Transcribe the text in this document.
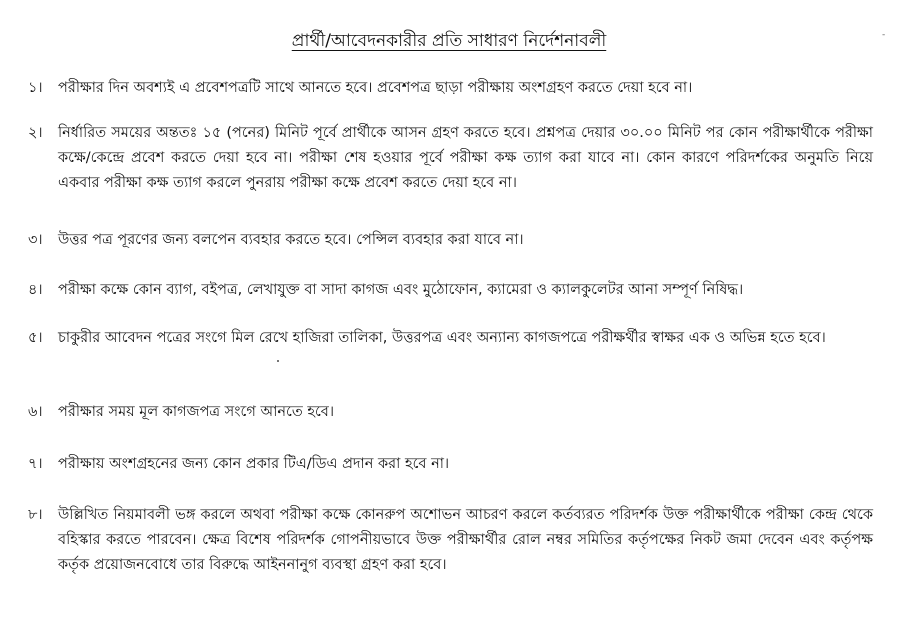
প্রার্থী/আবেদনকারীর প্রতি সাধারণ নির্দেশনাবলী	-
১।	পরীক্ষার দিন অবশ্যই এ প্রবেশপত্রটি সাথে আনতে হবে। প্রবেশপত্র ছাড়া পরীক্ষায় অংশগ্রহণ করতে দেয়া হবে না।
২।	নির্ধারিত সময়ের অন্ততঃ ১৫ (পনের) মিনিট পূর্বে প্রার্থীকে আসন গ্রহণ করতে হবে। প্রশ্নপত্র দেয়ার ৩০.০০ মিনিট পর কোন পরীক্ষার্থীকে পরীক্ষা কক্ষে/কেন্দ্রে প্রবেশ করতে দেয়া হবে না। পরীক্ষা শেষ হওয়ার পূর্বে পরীক্ষা কক্ষ ত্যাগ করা যাবে না। কোন কারণে পরিদর্শকের অনুমতি নিয়ে একবার পরীক্ষা কক্ষ ত্যাগ করলে পুনরায় পরীক্ষা কক্ষে প্রবেশ করতে দেয়া হবে না।
৩।	উত্তর পত্র পূরণের জন্য বলপেন ব্যবহার করতে হবে। পেন্সিল ব্যবহার করা যাবে না।
৪।	পরীক্ষা কক্ষে কোন ব্যাগ, বইপত্র, লেখাযুক্ত বা সাদা কাগজ এবং মুঠোফোন, ক্যামেরা ও ক্যালকুলেটর আনা সম্পূর্ণ নিষিদ্ধ।
৫।	চাকুরীর আবেদন পত্রের সংগে মিল রেখে হাজিরা তালিকা, উত্তরপত্র এবং অন্যান্য কাগজপত্রে পরীক্ষর্থীর স্বাক্ষর এক ও অভিন্ন হতে হবে।
৬।	পরীক্ষার সময় মূল কাগজপত্র সংগে আনতে হবে।
৭।	পরীক্ষায় অংশগ্রহনের জন্য কোন প্রকার টিএ/ডিএ প্রদান করা হবে না।
৮।	উল্লিখিত নিয়মাবলী ভঙ্গ করলে অথবা পরীক্ষা কক্ষে কোনরুপ অশোভন আচরণ করলে কর্তব্যরত পরিদর্শক উক্ত পরীক্ষার্থীকে পরীক্ষা কেন্দ্র থেকে বহিস্কার করতে পারবেন। ক্ষেত্র বিশেষ পরিদর্শক গোপনীয়ভাবে উক্ত পরীক্ষার্থীর রোল নম্বর সমিতির কর্তৃপক্ষের নিকট জমা দেবেন এবং কর্তৃপক্ষ কর্তৃক প্রয়োজনবোধে তার বিরুদ্ধে আইননানুগ ব্যবস্থা গ্রহণ করা হবে।
